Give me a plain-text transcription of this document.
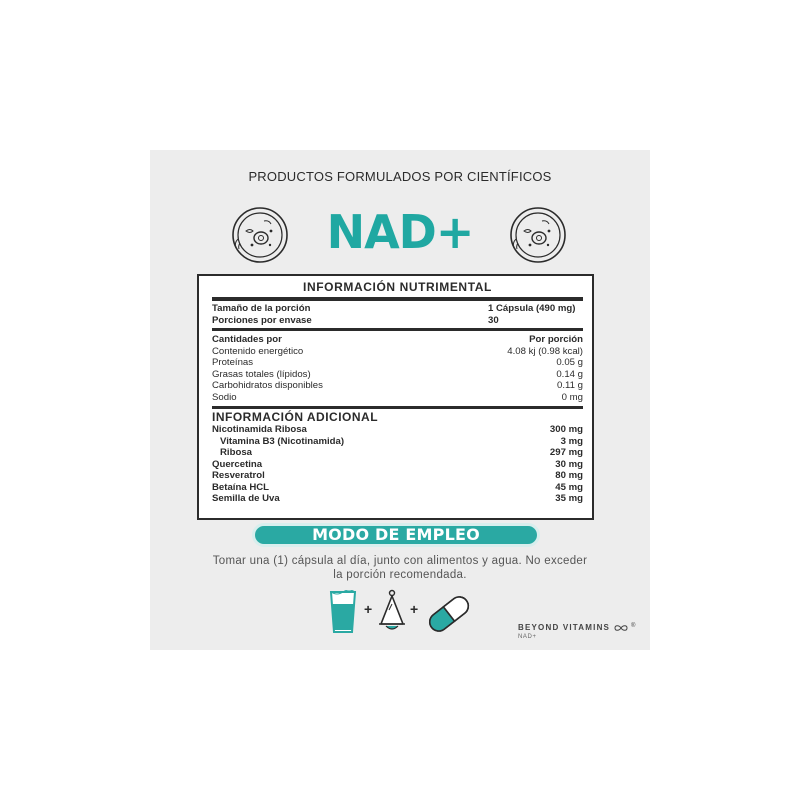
PRODUCTOS FORMULADOS POR CIENTÍFICOS
NAD+
INFORMACIÓN NUTRIMENTAL
Tamaño de la porción	1 Cápsula (490 mg)
Porciones por envase	30
Cantidades por	Por porción
Contenido energético	4.08 kj (0.98 kcal)
Proteínas	0.05 g
Grasas totales (lípidos)	0.14 g
Carbohidratos disponibles	0.11 g
Sodio	0 mg
INFORMACIÓN ADICIONAL
Nicotinamida Ribosa	300 mg
Vitamina B3 (Nicotinamida)	3 mg
Ribosa	297 mg
Quercetina	30 mg
Resveratrol	80 mg
Betaína HCL	45 mg
Semilla de Uva	35 mg
MODO DE EMPLEO
Tomar una (1) cápsula al día, junto con alimentos y agua. No exceder la porción recomendada.
+	+
BEYOND VITAMINS	®
NAD+
